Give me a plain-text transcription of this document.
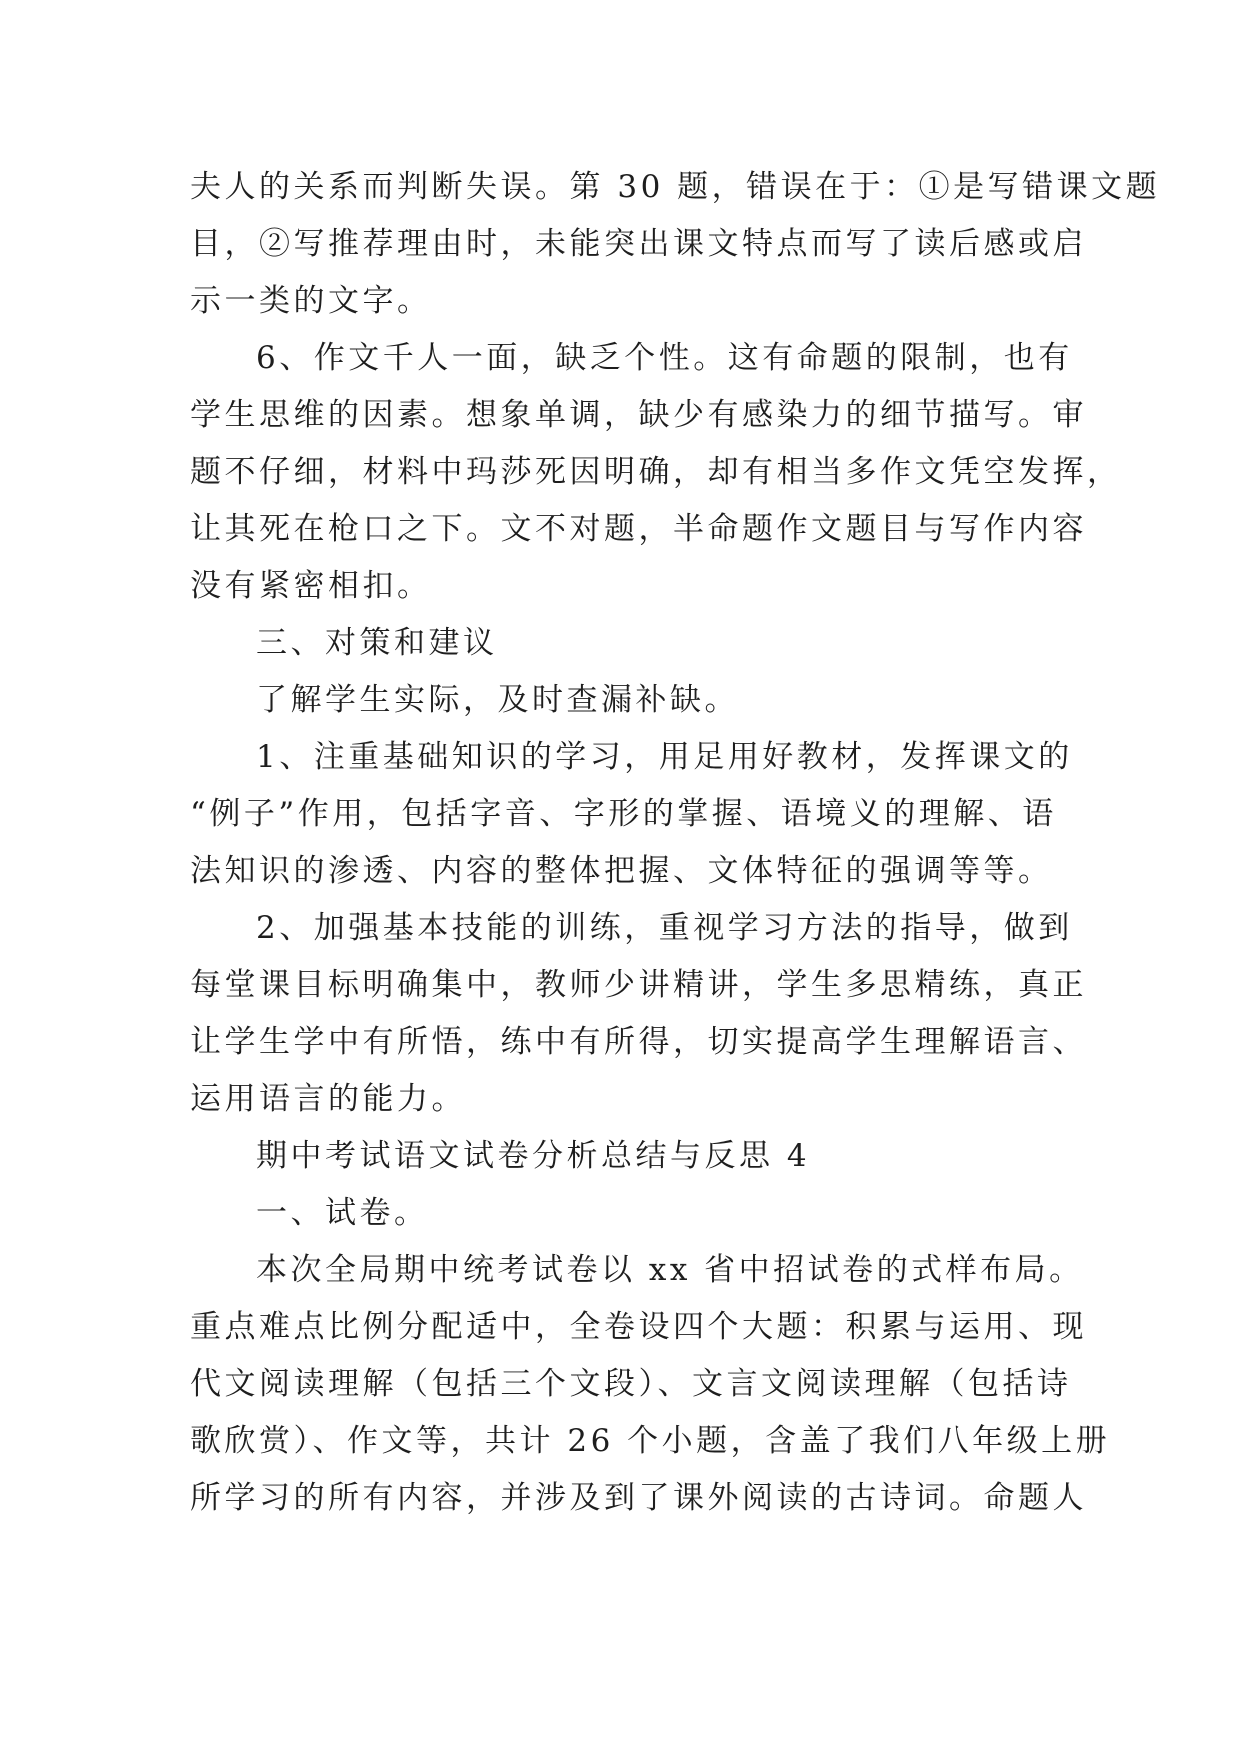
夫人的关系而判断失误。第 30 题，错误在于：①是写错课文题
目，②写推荐理由时，未能突出课文特点而写了读后感或启
示一类的文字。
6、作文千人一面，缺乏个性。这有命题的限制，也有
学生思维的因素。想象单调，缺少有感染力的细节描写。审
题不仔细，材料中玛莎死因明确，却有相当多作文凭空发挥，
让其死在枪口之下。文不对题，半命题作文题目与写作内容
没有紧密相扣。
三、对策和建议
了解学生实际，及时查漏补缺。
1、注重基础知识的学习，用足用好教材，发挥课文的
“例子”作用，包括字音、字形的掌握、语境义的理解、语
法知识的渗透、内容的整体把握、文体特征的强调等等。
2、加强基本技能的训练，重视学习方法的指导，做到
每堂课目标明确集中，教师少讲精讲，学生多思精练，真正
让学生学中有所悟，练中有所得，切实提高学生理解语言、
运用语言的能力。
期中考试语文试卷分析总结与反思 4
一、试卷。
本次全局期中统考试卷以 xx 省中招试卷的式样布局。
重点难点比例分配适中，全卷设四个大题：积累与运用、现
代文阅读理解（包括三个文段）、文言文阅读理解（包括诗
歌欣赏）、作文等，共计 26 个小题，含盖了我们八年级上册
所学习的所有内容，并涉及到了课外阅读的古诗词。命题人
